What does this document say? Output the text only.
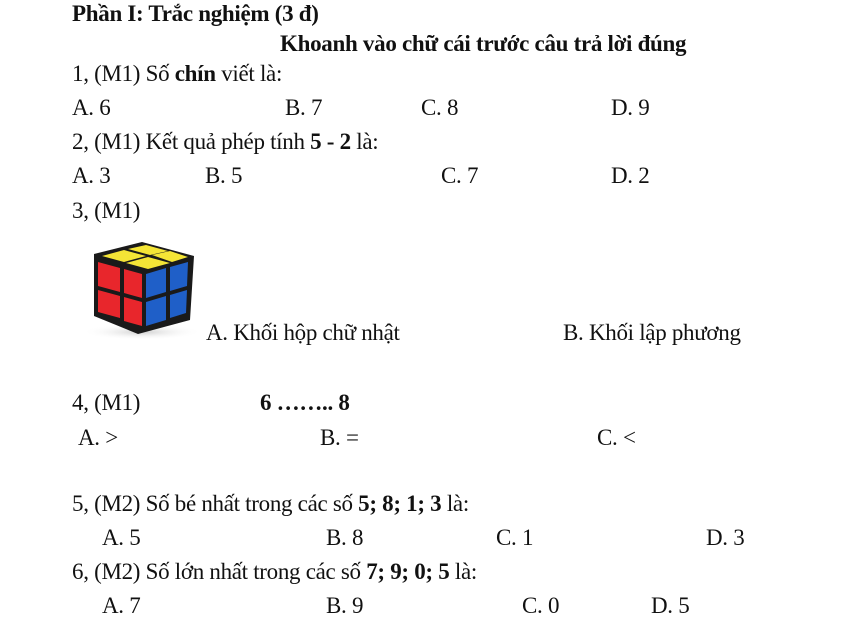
Phần I: Trắc nghiệm (3 đ)
Khoanh vào chữ cái trước câu trả lời đúng
1, (M1) Số chín viết là:
A. 6	B. 7	C. 8	D. 9
2, (M1) Kết quả phép tính 5 - 2 là:
A. 3	B. 5	C. 7	D. 2
3, (M1)
A. Khối hộp chữ nhật	B. Khối lập phương
4, (M1)	6 …….. 8
A. >	B. =	C. <
5, (M2) Số bé nhất trong các số 5; 8; 1; 3 là:
A. 5	B. 8	C. 1	D. 3
6, (M2) Số lớn nhất trong các số 7; 9; 0; 5 là:
A. 7	B. 9	C. 0	D. 5
